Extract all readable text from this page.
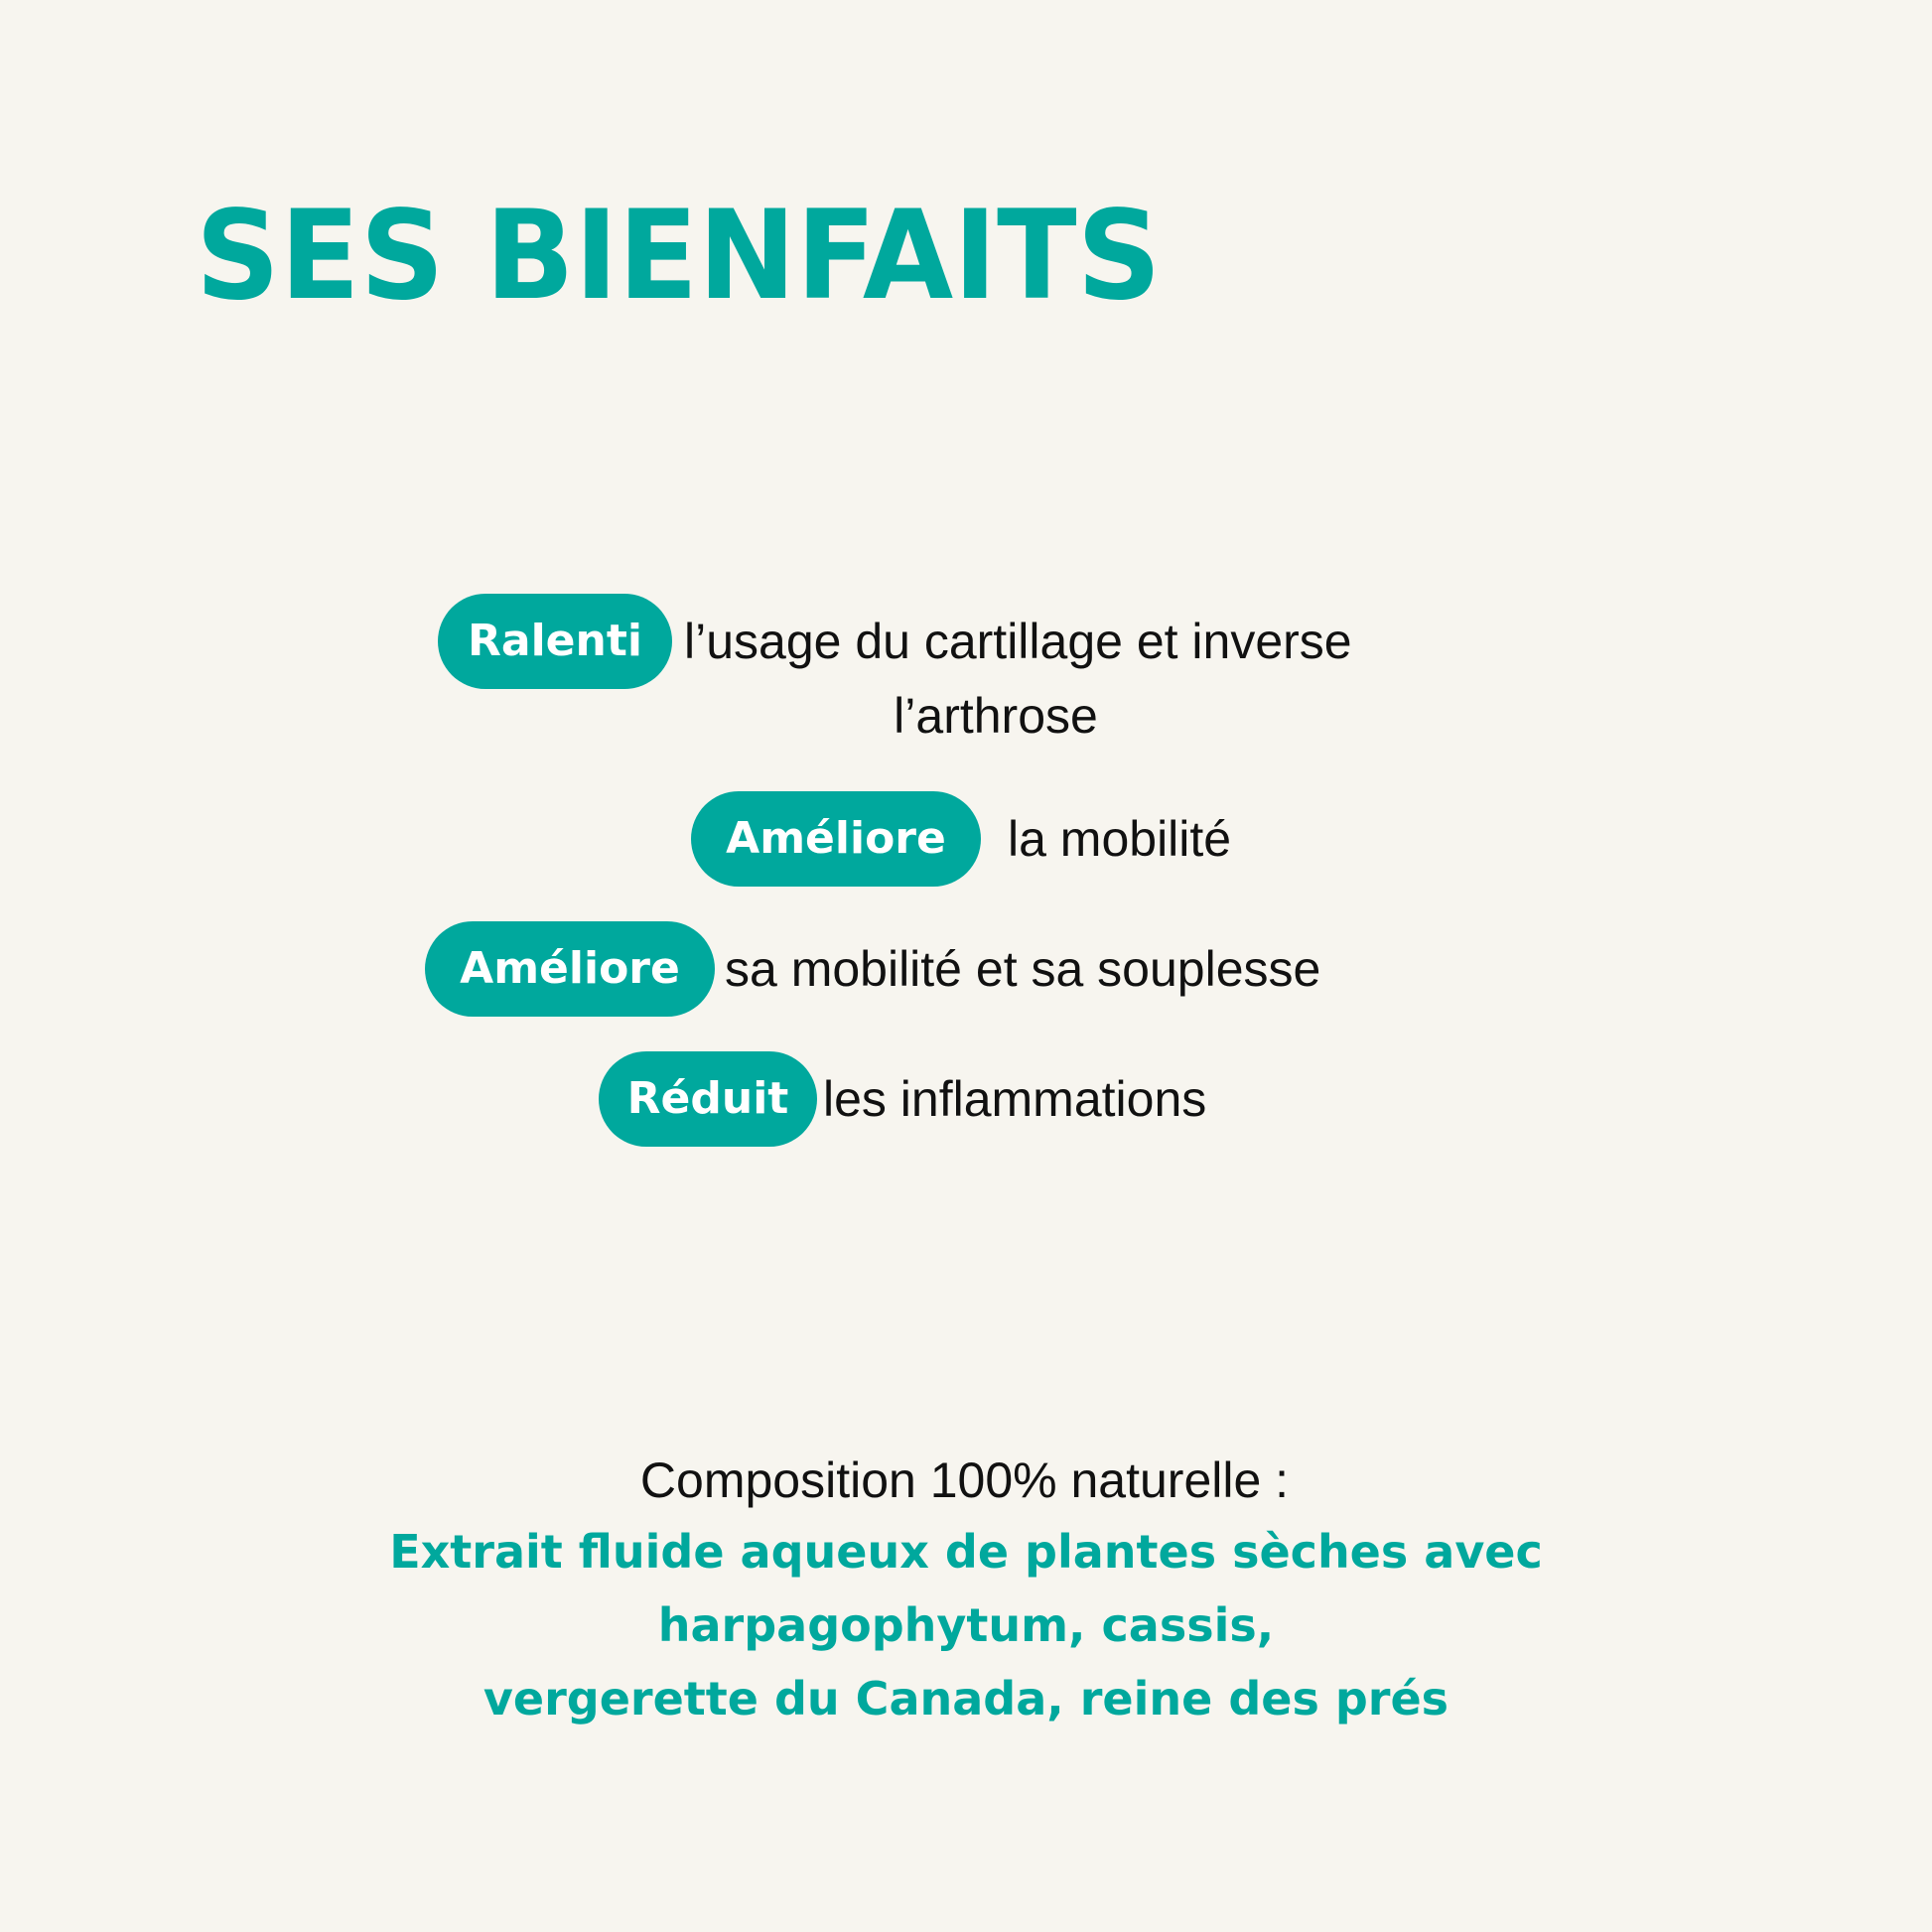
SES BIENFAITS
Ralenti l’usage du cartillage et inverse
l’arthrose
Améliore	la mobilité
Améliore sa mobilité et sa souplesse
Réduit les inflammations
Composition 100% naturelle :
Extrait fluide aqueux de plantes sèches avec
harpagophytum, cassis,
vergerette du Canada, reine des prés
